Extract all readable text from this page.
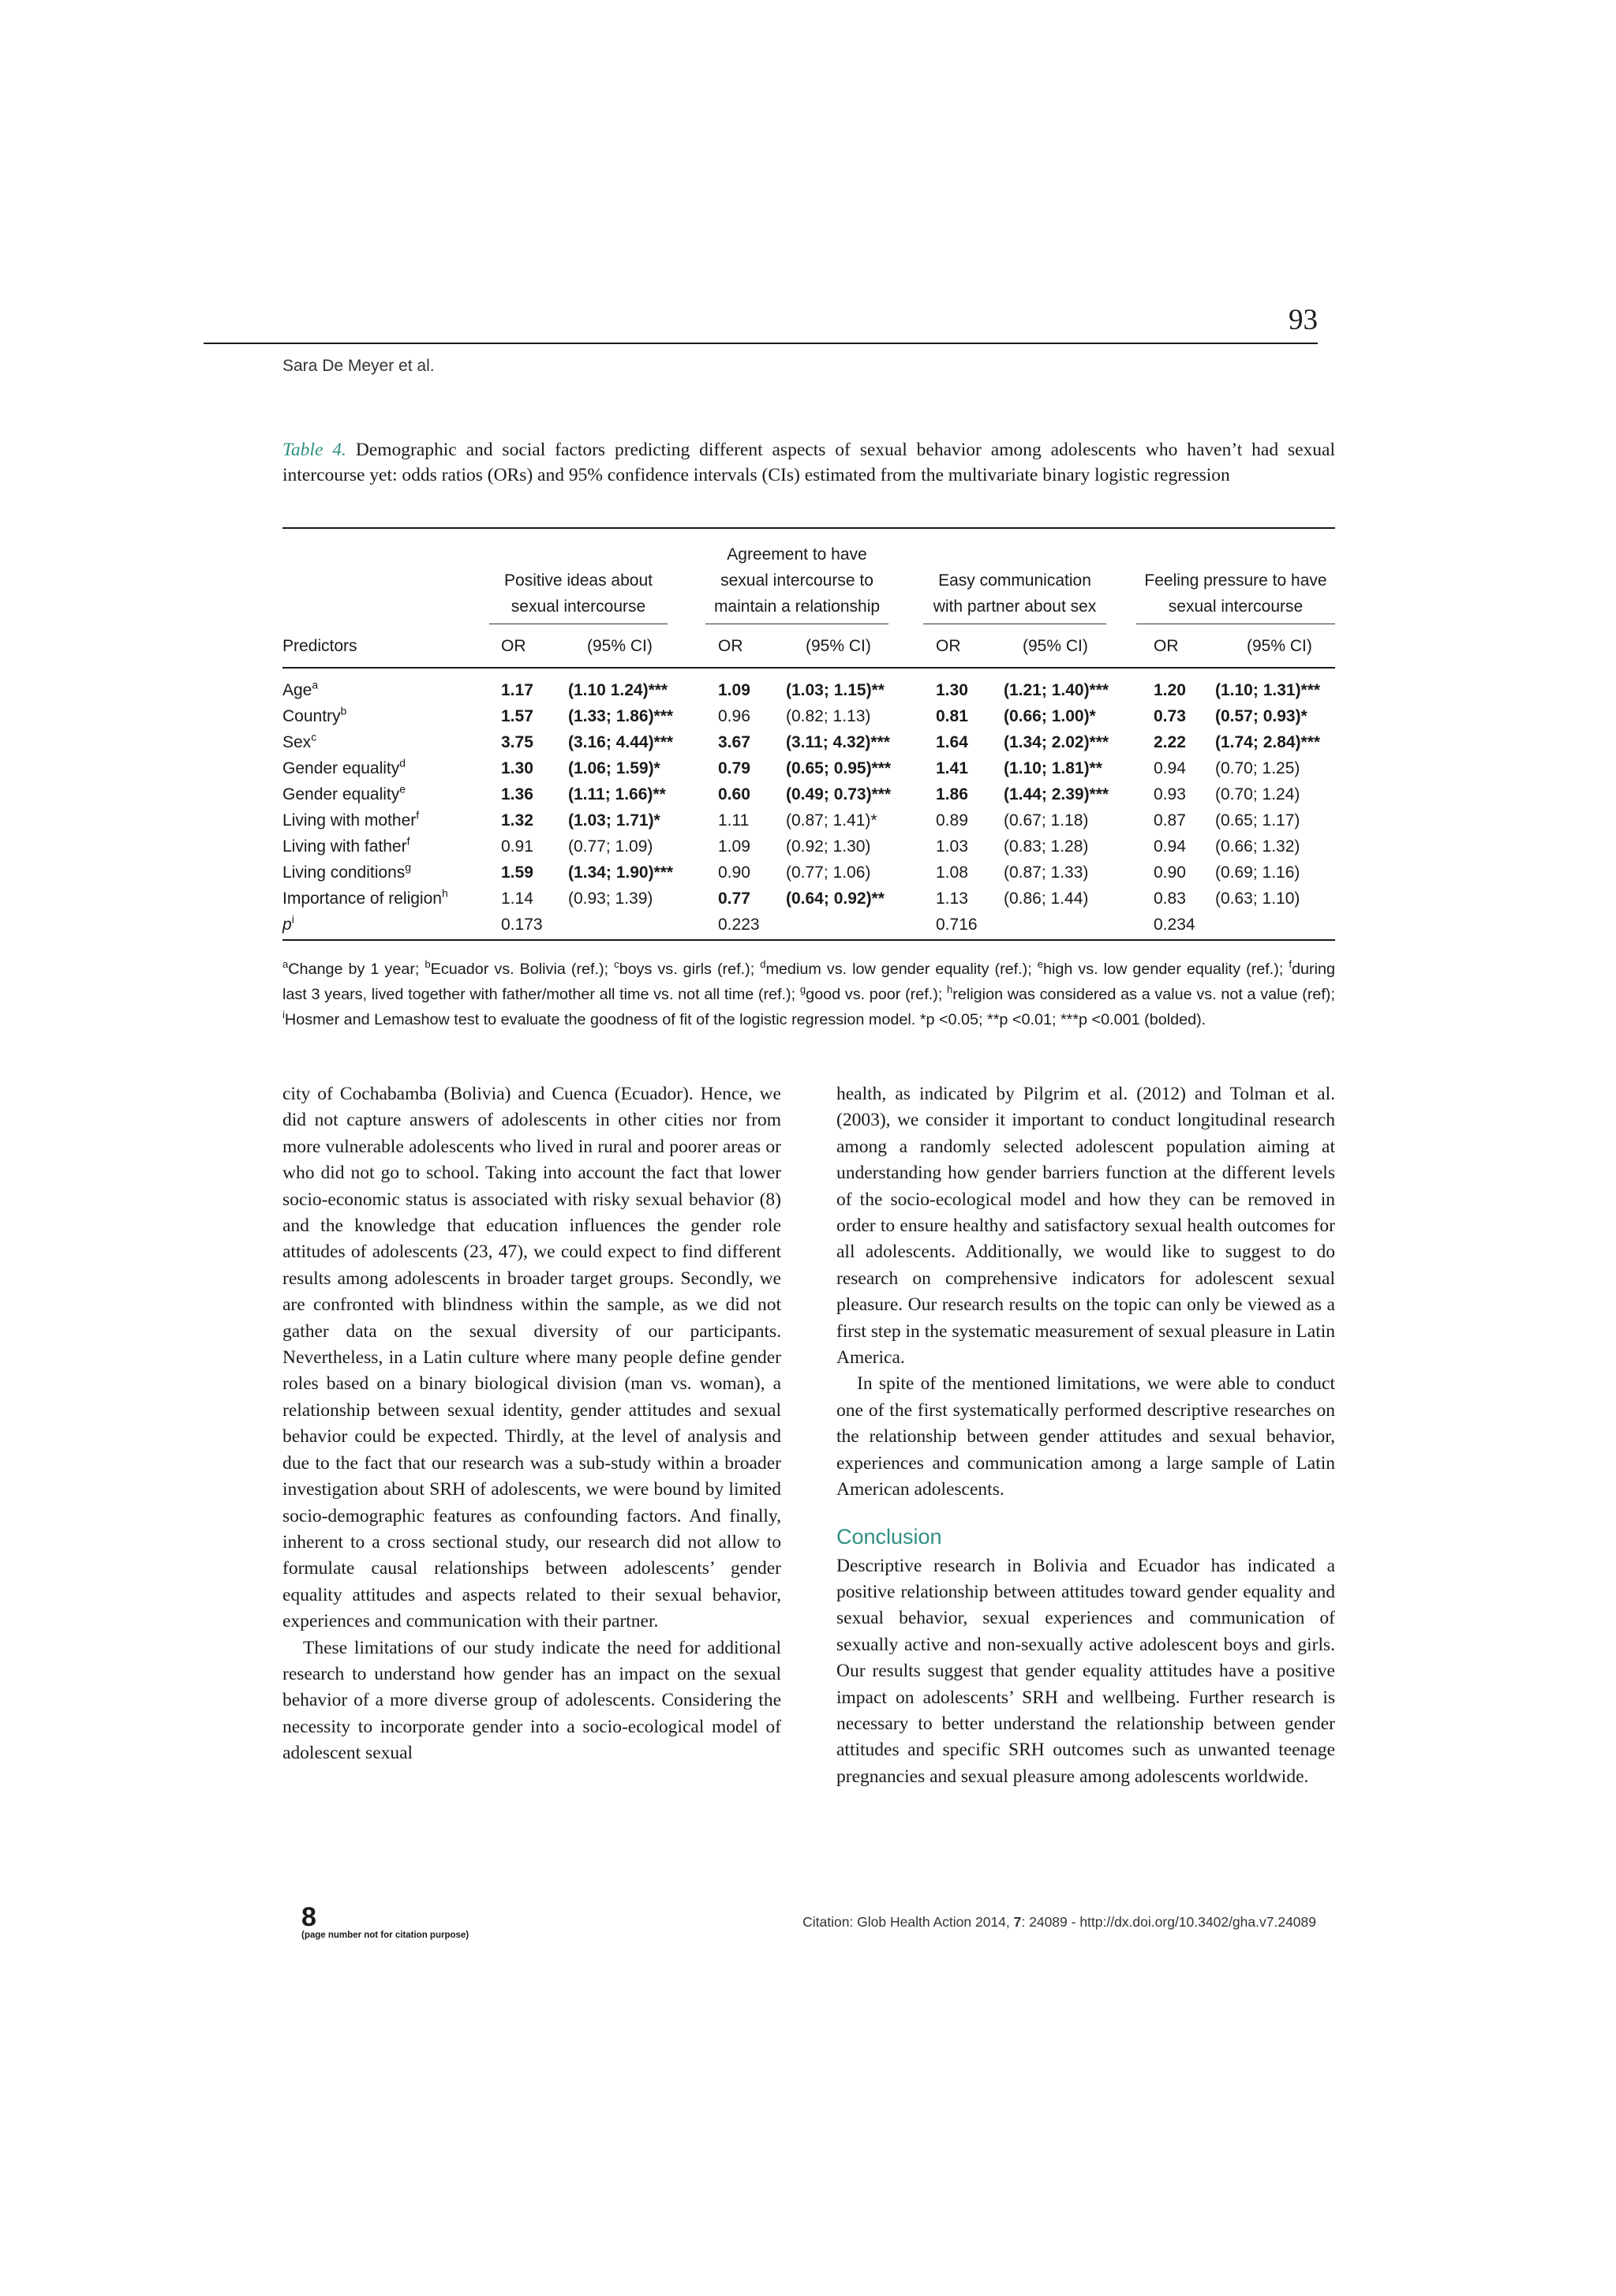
93
Sara De Meyer et al.
Table 4. Demographic and social factors predicting different aspects of sexual behavior among adolescents who haven’t had sexual intercourse yet: odds ratios (ORs) and 95% confidence intervals (CIs) estimated from the multivariate binary logistic regression

Positive ideas about
sexual intercourse
Agreement to have
sexual intercourse to
maintain a relationship

Easy communication
with partner about sex

Feeling pressure to have
sexual intercourse
Predictors	OR	(95% CI)	OR	(95% CI)	OR	(95% CI)	OR	(95% CI)
Age$^a$	1.17 (1.10 1.24)***	1.09 (1.03; 1.15)**	1.30 (1.21; 1.40)***	1.20 (1.10; 1.31)***
Country$^b$	1.57 (1.33; 1.86)***	0.96 (0.82; 1.13)	0.81 (0.66; 1.00)*	0.73 (0.57; 0.93)*
Sex$^c$	3.75 (3.16; 4.44)***	3.67 (3.11; 4.32)***	1.64 (1.34; 2.02)***	2.22 (1.74; 2.84)***
Gender equality$^d$	1.30 (1.06; 1.59)*	0.79 (0.65; 0.95)***	1.41 (1.10; 1.81)**	0.94 (0.70; 1.25)
Gender equality$^e$	1.36 (1.11; 1.66)**	0.60 (0.49; 0.73)***	1.86 (1.44; 2.39)***	0.93 (0.70; 1.24)
Living with mother$^f$	1.32 (1.03; 1.71)*	1.11 (0.87; 1.41)*	0.89 (0.67; 1.18)	0.87 (0.65; 1.17)
Living with father$^f$	0.91 (0.77; 1.09)	1.09 (0.92; 1.30)	1.03 (0.83; 1.28)	0.94 (0.66; 1.32)
Living conditions$^g$	1.59 (1.34; 1.90)***	0.90 (0.77; 1.06)	1.08 (0.87; 1.33)	0.90 (0.69; 1.16)
Importance of religion$^h$	1.14 (0.93; 1.39)	0.77 (0.64; 0.92)**	1.13 (0.86; 1.44)	0.83 (0.63; 1.10)
$p^i$	0.173	0.223	0.716	0.234
$^a$Change by 1 year; $^b$Ecuador vs. Bolivia (ref.); $^c$boys vs. girls (ref.); $^d$medium vs. low gender equality (ref.); $^e$high vs. low gender equality (ref.); $^f$during last 3 years, lived together with father/mother all time vs. not all time (ref.); $^g$good vs. poor (ref.); $^h$religion was considered as a value vs. not a value (ref); $^i$Hosmer and Lemashow test to evaluate the goodness of fit of the logistic regression model. *p <0.05; **p <0.01; ***p <0.001 (bolded).

city of Cochabamba (Bolivia) and Cuenca (Ecuador). Hence, we did not capture answers of adolescents in other cities nor from more vulnerable adolescents who lived in rural and poorer areas or who did not go to school. Taking into account the fact that lower socio-economic status is associated with risky sexual behavior (8) and the knowledge that education influences the gender role attitudes of adolescents (23, 47), we could expect to find different results among adolescents in broader target groups. Secondly, we are confronted with blindness within the sample, as we did not gather data on the sexual diversity of our participants. Nevertheless, in a Latin culture where many people define gender roles based on a binary biological division (man vs. woman), a relationship between sexual identity, gender attitudes and sexual behavior could be expected. Thirdly, at the level of analysis and due to the fact that our research was a sub-study within a broader investigation about SRH of adolescents, we were bound by limited socio-demographic features as confounding factors. And finally, inherent to a cross sectional study, our research did not allow to formulate causal relationships between adolescents’ gender equality attitudes and aspects related to their sexual behavior, experiences and communication with their partner.

These limitations of our study indicate the need for additional research to understand how gender has an impact on the sexual behavior of a more diverse group of adolescents. Considering the necessity to incorporate gender into a socio-ecological model of adolescent sexual

health, as indicated by Pilgrim et al. (2012) and Tolman et al. (2003), we consider it important to conduct longitudinal research among a randomly selected adolescent population aiming at understanding how gender barriers function at the different levels of the socio-ecological model and how they can be removed in order to ensure healthy and satisfactory sexual health outcomes for all adolescents. Additionally, we would like to suggest to do research on comprehensive indicators for adolescent sexual pleasure. Our research results on the topic can only be viewed as a first step in the systematic measurement of sexual pleasure in Latin America.

In spite of the mentioned limitations, we were able to conduct one of the first systematically performed descriptive researches on the relationship between gender attitudes and sexual behavior, experiences and communication among a large sample of Latin American adolescents.

Conclusion

Descriptive research in Bolivia and Ecuador has indicated a positive relationship between attitudes toward gender equality and sexual behavior, sexual experiences and communication of sexually active and non-sexually active adolescent boys and girls. Our results suggest that gender equality attitudes have a positive impact on adolescents’ SRH and wellbeing. Further research is necessary to better understand the relationship between gender attitudes and specific SRH outcomes such as unwanted teenage pregnancies and sexual pleasure among adolescents worldwide.

8
(page number not for citation purpose)
Citation: Glob Health Action 2014, 7: 24089 - http://dx.doi.org/10.3402/gha.v7.24089
